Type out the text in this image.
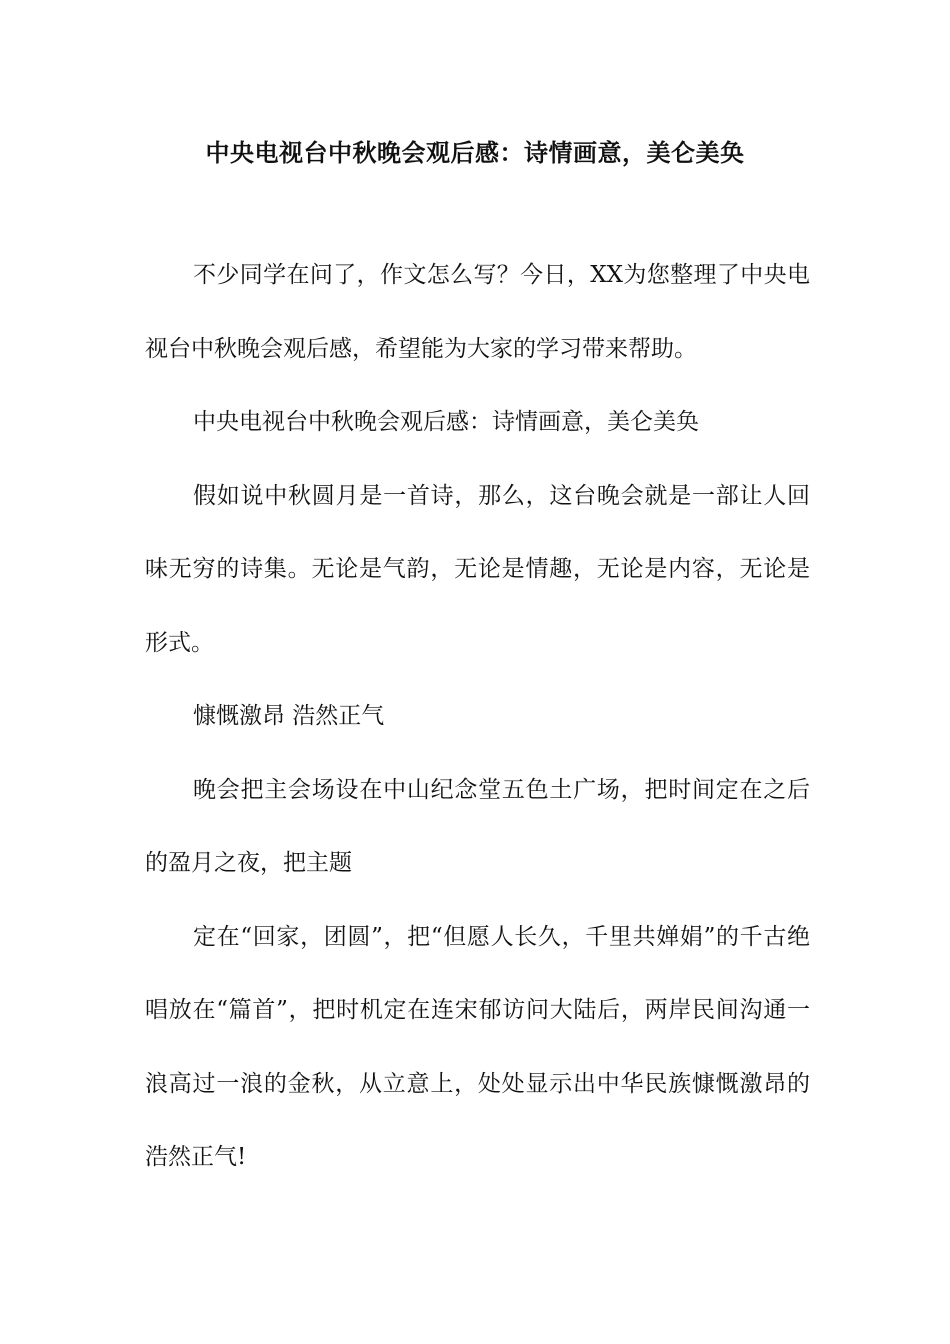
中央电视台中秋晚会观后感：诗情画意，美仑美奂

不少同学在问了，作文怎么写？今日，XX为您整理了中央电视台中秋晚会观后感，希望能为大家的学习带来帮助。

中央电视台中秋晚会观后感：诗情画意，美仑美奂

假如说中秋圆月是一首诗，那么，这台晚会就是一部让人回味无穷的诗集。无论是气韵，无论是情趣，无论是内容，无论是形式。

慷慨激昂 浩然正气

晚会把主会场设在中山纪念堂五色土广场，把时间定在之后的盈月之夜，把主题

定在“回家，团圆”，把“但愿人长久，千里共婵娟”的千古绝唱放在“篇首”，把时机定在连宋郁访问大陆后，两岸民间沟通一浪高过一浪的金秋，从立意上，处处显示出中华民族慷慨激昂的浩然正气!
